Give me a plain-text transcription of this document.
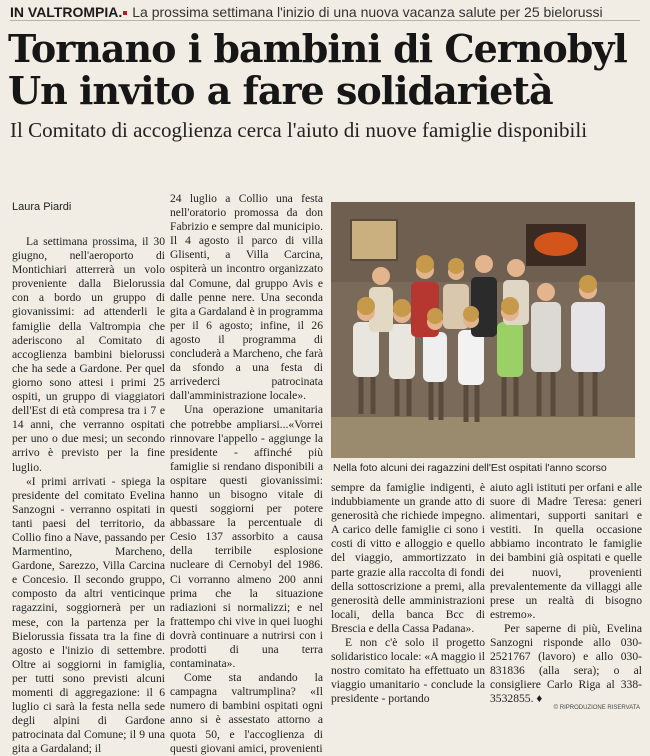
IN VALTROMPIA. La prossima settimana l'inizio di una nuova vacanza salute per 25 bielorussi
Tornano i bambini di Cernobyl
Un invito a fare solidarietà
Il Comitato di accoglienza cerca l'aiuto di nuove famiglie disponibili
Laura Piardi

La settimana prossima, il 30 giugno, nell'aeroporto di Montichiari atterrerà un volo proveniente dalla Bielorussia con a bordo un gruppo di giovanissimi: ad attenderli le famiglie della Valtrompia che aderiscono al Comitato di accoglienza bambini bielorussi che ha sede a Gardone. Per quel giorno sono attesi i primi 25 ospiti, un gruppo di viaggiatori dell'Est di età compresa tra i 7 e 14 anni, che verranno ospitati per uno o due mesi; un secondo arrivo è previsto per la fine luglio.

«I primi arrivati - spiega la presidente del comitato Evelina Sanzogni - verranno ospitati in tanti paesi del territorio, da Collio fino a Nave, passando per Marmentino, Marcheno, Gardone, Sarezzo, Villa Carcina e Concesio. Il secondo gruppo, composto da altri venticinque ragazzini, soggiornerà per un mese, con la partenza per la Bielorussia fissata tra la fine di agosto e l'inizio di settembre. Oltre ai soggiorni in famiglia, per tutti sono previsti alcuni momenti di aggregazione: il 6 luglio ci sarà la festa nella sede degli alpini di Gardone patrocinata dal Comune; il 9 una gita a Gardaland; il

24 luglio a Collio una festa nell'oratorio promossa da don Fabrizio e sempre dal municipio. Il 4 agosto il parco di villa Glisenti, a Villa Carcina, ospiterà un incontro organizzato dal Comune, dal gruppo Avis e dalle penne nere. Una seconda gita a Gardaland è in programma per il 6 agosto; infine, il 26 agosto il programma di concluderà a Marcheno, che farà da sfondo a una festa di arrivederci patrocinata dall'amministrazione locale».

Una operazione umanitaria che potrebbe ampliarsi...«Vorrei rinnovare l'appello - aggiunge la presidente - affinché più famiglie si rendano disponibili a ospitare questi giovanissimi: hanno un bisogno vitale di questi soggiorni per potere abbassare la percentuale di Cesio 137 assorbito a causa della terribile esplosione nucleare di Cernobyl del 1986. Ci vorranno almeno 200 anni prima che la situazione radiazioni si normalizzi; e nel frattempo chi vive in quei luoghi dovrà continuare a nutrirsi con i prodotti di una terra contaminata».

Come sta andando la campagna valtrumplina? «Il numero di bambini ospitati ogni anno si è assestato attorno a quota 50, e l'accoglienza di questi giovani amici, provenienti

Nella foto alcuni dei ragazzini dell'Est ospitati l'anno scorso

sempre da famiglie indigenti, è indubbiamente un grande atto di generosità che richiede impegno. A carico delle famiglie ci sono i costi di vitto e alloggio e quello del viaggio, ammortizzato in parte grazie alla raccolta di fondi della sottoscrizione a premi, alla generosità delle amministrazioni locali, della banca Bcc di Brescia e della Cassa Padana».

E non c'è solo il progetto solidaristico locale: «A maggio il nostro comitato ha effettuato un viaggio umanitario - conclude la presidente - portando

aiuto agli istituti per orfani e alle suore di Madre Teresa: generi alimentari, supporti sanitari e vestiti. In quella occasione abbiamo incontrato le famiglie dei bambini già ospitati e quelle dei nuovi, provenienti prevalentemente da villaggi alle prese un realtà di bisogno estremo».

Per saperne di più, Evelina Sanzogni risponde allo 030-2521767 (lavoro) e allo 030-831836 (alla sera); o al consigliere Carlo Riga al 338-3532855. ♦

© RIPRODUZIONE RISERVATA
